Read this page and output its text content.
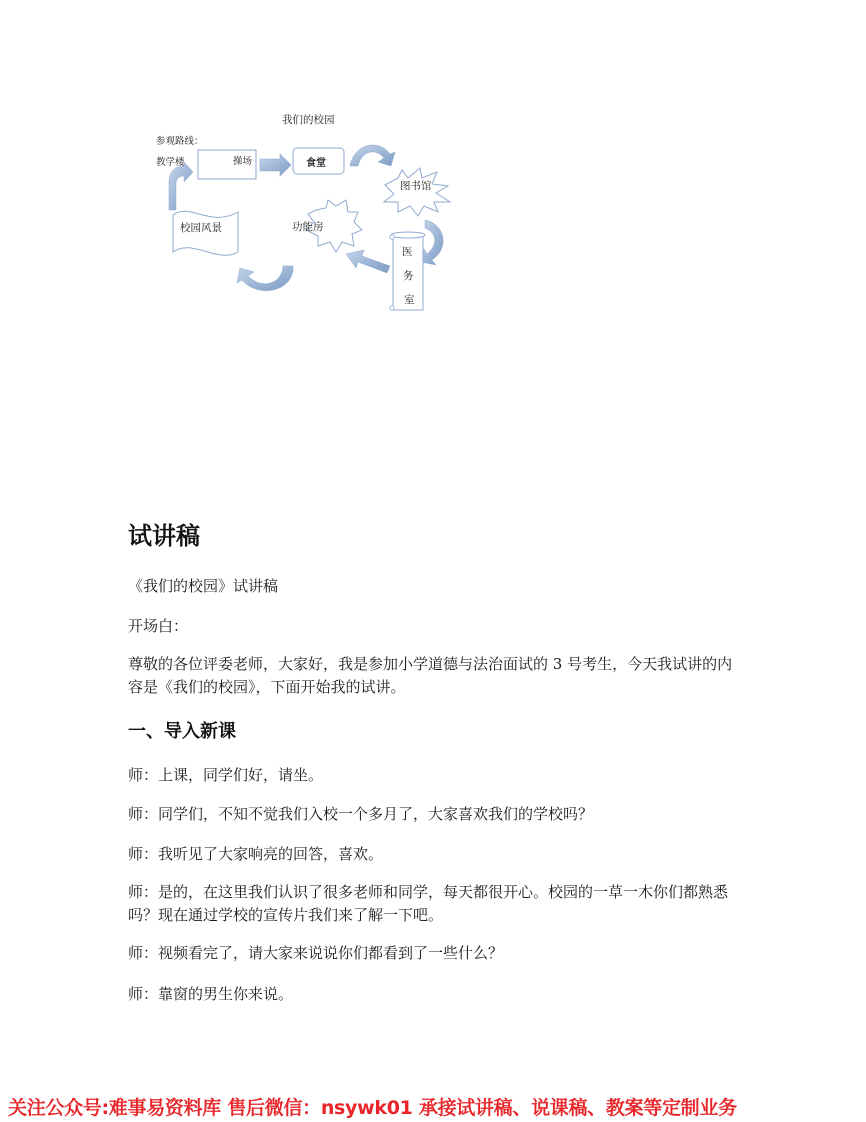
我们的校园
参观路线：
教学楼	操场	食堂
图书馆
医
务
室
功能房
校园风景
试讲稿
《我们的校园》试讲稿
开场白：
尊敬的各位评委老师，大家好，我是参加小学道德与法治面试的 3 号考生，今天我试讲的内容是《我们的校园》，下面开始我的试讲。
一、导入新课
师：上课，同学们好，请坐。
师：同学们，不知不觉我们入校一个多月了，大家喜欢我们的学校吗？
师：我听见了大家响亮的回答，喜欢。
师：是的，在这里我们认识了很多老师和同学，每天都很开心。校园的一草一木你们都熟悉吗？现在通过学校的宣传片我们来了解一下吧。
师：视频看完了，请大家来说说你们都看到了一些什么？
师：靠窗的男生你来说。
关注公众号:难事易资料库 售后微信：nsywk01 承接试讲稿、说课稿、教案等定制业务
